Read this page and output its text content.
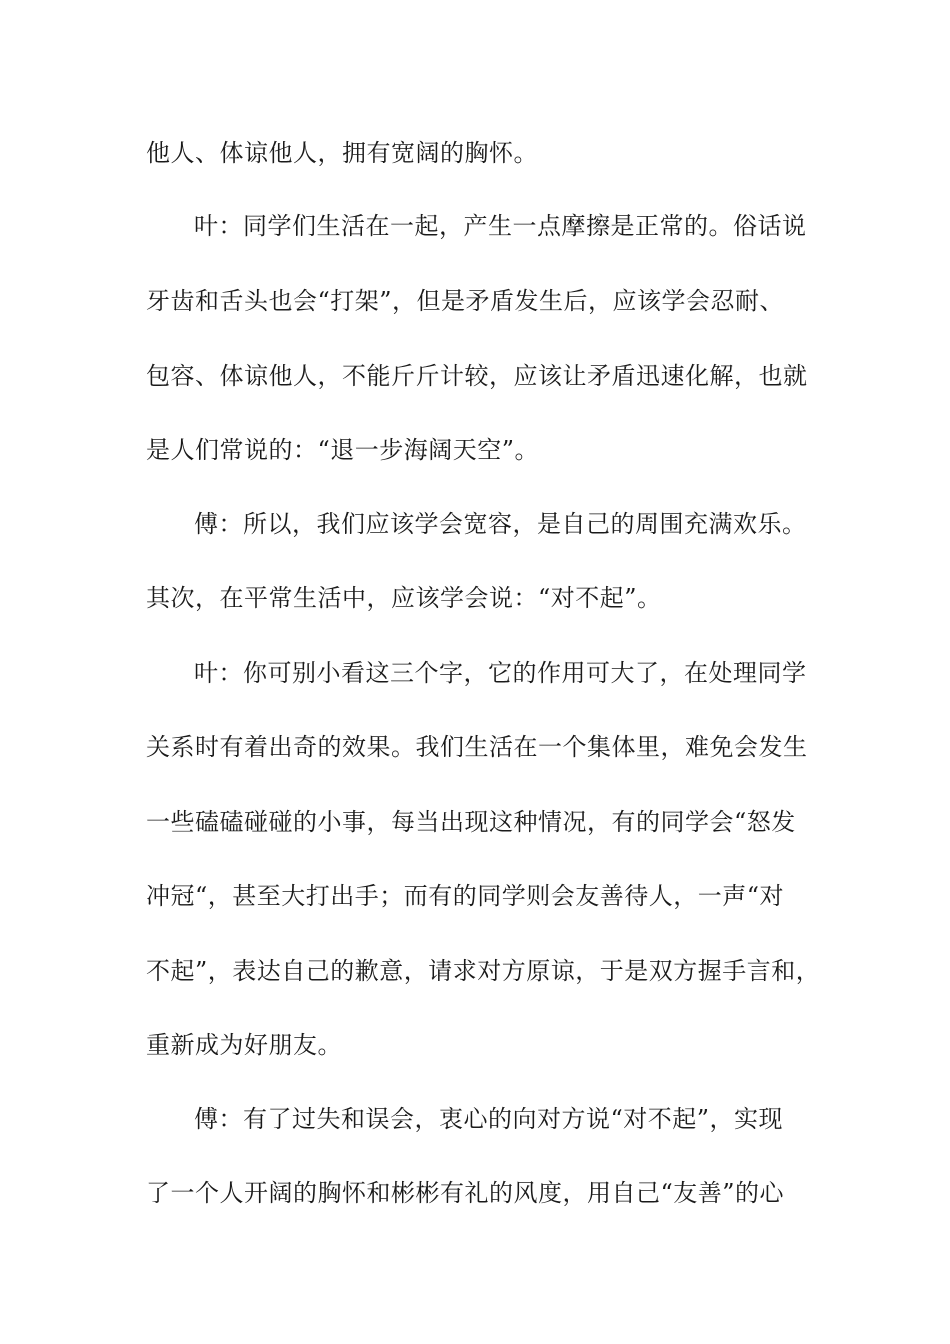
他人、体谅他人，拥有宽阔的胸怀。
叶：同学们生活在一起，产生一点摩擦是正常的。俗话说
牙齿和舌头也会“打架”，但是矛盾发生后，应该学会忍耐、
包容、体谅他人，不能斤斤计较，应该让矛盾迅速化解，也就
是人们常说的：“退一步海阔天空”。
傅：所以，我们应该学会宽容，是自己的周围充满欢乐。
其次，在平常生活中，应该学会说：“对不起”。
叶：你可别小看这三个字，它的作用可大了，在处理同学
关系时有着出奇的效果。我们生活在一个集体里，难免会发生
一些磕磕碰碰的小事，每当出现这种情况，有的同学会“怒发
冲冠“，甚至大打出手；而有的同学则会友善待人，一声“对
不起”，表达自己的歉意，请求对方原谅，于是双方握手言和，
重新成为好朋友。
傅：有了过失和误会，衷心的向对方说“对不起”，实现
了一个人开阔的胸怀和彬彬有礼的风度，用自己“友善”的心
